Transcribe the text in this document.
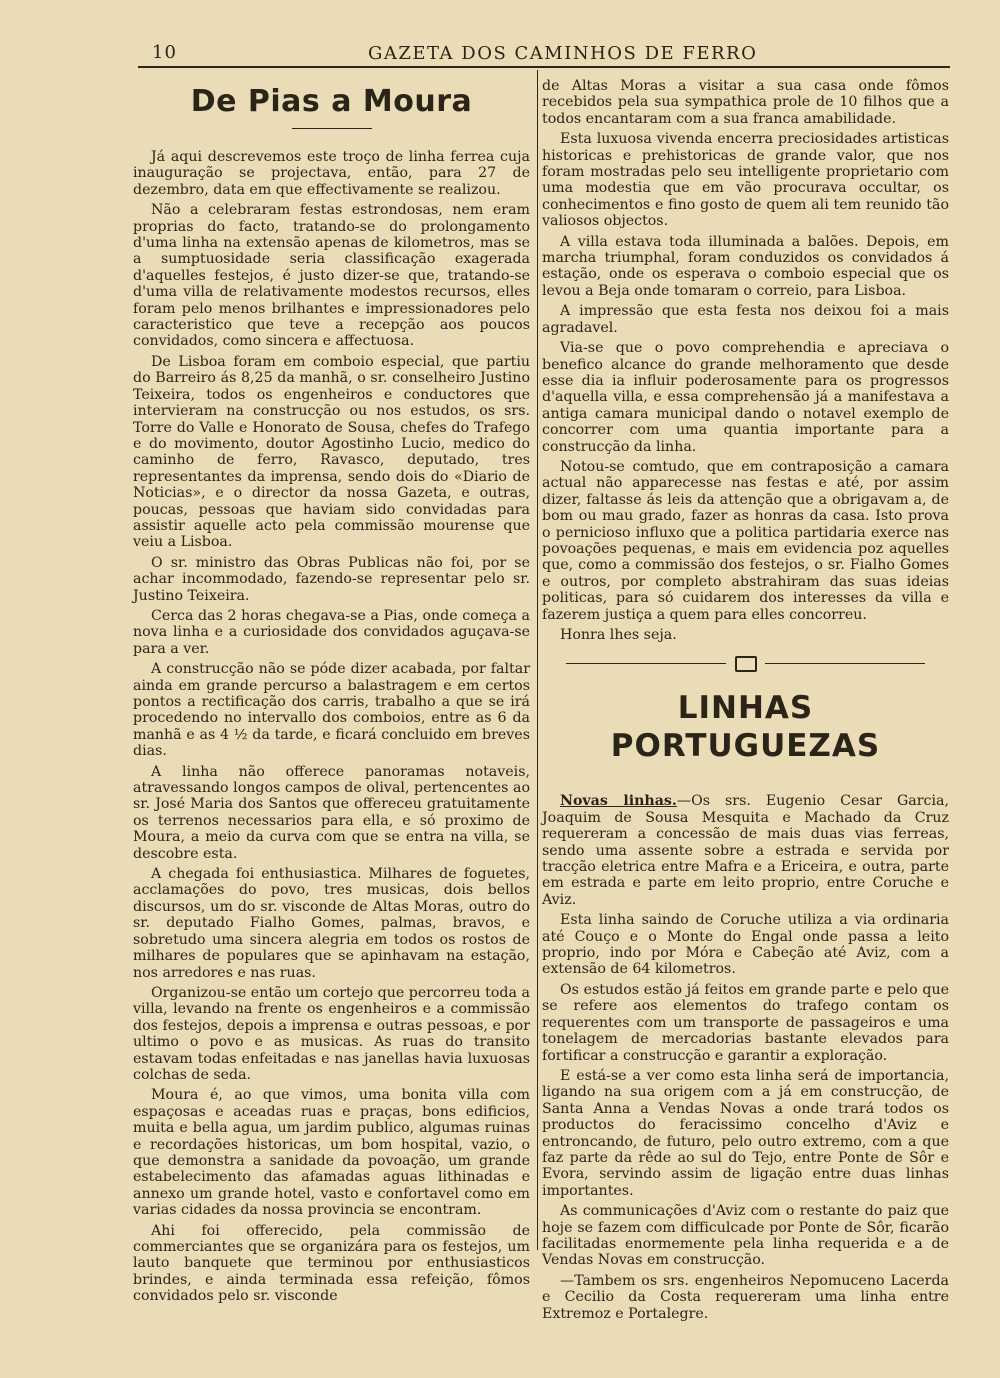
10	GAZETA DOS CAMINHOS DE FERRO
De Pias a Moura

Já aqui descrevemos este troço de linha ferrea cuja inauguração se projectava, então, para 27 de dezembro, data em que effectivamente se realizou.

Não a celebraram festas estrondosas, nem eram proprias do facto, tratando-se do prolongamento d'uma linha na extensão apenas de kilometros, mas se a sumptuosidade seria classificação exagerada d'aquelles festejos, é justo dizer-se que, tratando-se d'uma villa de relativamente modestos recursos, elles foram pelo menos brilhantes e impressionadores pelo caracteristico que teve a recepção aos poucos convidados, como sincera e affectuosa.

De Lisboa foram em comboio especial, que partiu do Barreiro ás 8,25 da manhã, o sr. conselheiro Justino Teixeira, todos os engenheiros e conductores que intervieram na construcção ou nos estudos, os srs. Torre do Valle e Honorato de Sousa, chefes do Trafego e do movimento, doutor Agostinho Lucio, medico do caminho de ferro, Ravasco, deputado, tres representantes da imprensa, sendo dois do «Diario de Noticias», e o director da nossa Gazeta, e outras, poucas, pessoas que haviam sido convidadas para assistir aquelle acto pela commissão mourense que veiu a Lisboa.

O sr. ministro das Obras Publicas não foi, por se achar incommodado, fazendo-se representar pelo sr. Justino Teixeira.

Cerca das 2 horas chegava-se a Pias, onde começa a nova linha e a curiosidade dos convidados aguçava-se para a ver.

A construcção não se póde dizer acabada, por faltar ainda em grande percurso a balastragem e em certos pontos a rectificação dos carris, trabalho a que se irá procedendo no intervallo dos comboios, entre as 6 da manhã e as 4 ½ da tarde, e ficará concluido em breves dias.

A linha não offerece panoramas notaveis, atravessando longos campos de olival, pertencentes ao sr. José Maria dos Santos que offereceu gratuitamente os terrenos necessarios para ella, e só proximo de Moura, a meio da curva com que se entra na villa, se descobre esta.

A chegada foi enthusiastica. Milhares de foguetes, acclamações do povo, tres musicas, dois bellos discursos, um do sr. visconde de Altas Moras, outro do sr. deputado Fialho Gomes, palmas, bravos, e sobretudo uma sincera alegria em todos os rostos de milhares de populares que se apinhavam na estação, nos arredores e nas ruas.

Organizou-se então um cortejo que percorreu toda a villa, levando na frente os engenheiros e a commissão dos festejos, depois a imprensa e outras pessoas, e por ultimo o povo e as musicas. As ruas do transito estavam todas enfeitadas e nas janellas havia luxuosas colchas de seda.

Moura é, ao que vimos, uma bonita villa com espaçosas e aceadas ruas e praças, bons edificios, muita e bella agua, um jardim publico, algumas ruinas e recordações historicas, um bom hospital, vazio, o que demonstra a sanidade da povoação, um grande estabelecimento das afamadas aguas lithinadas e annexo um grande hotel, vasto e confortavel como em varias cidades da nossa provincia se encontram.

Ahi foi offerecido, pela commissão de commerciantes que se organizára para os festejos, um lauto banquete que terminou por enthusiasticos brindes, e ainda terminada essa refeição, fômos convidados pelo sr. visconde

de Altas Moras a visitar a sua casa onde fômos recebidos pela sua sympathica prole de 10 filhos que a todos encantaram com a sua franca amabilidade.

Esta luxuosa vivenda encerra preciosidades artisticas historicas e prehistoricas de grande valor, que nos foram mostradas pelo seu intelligente proprietario com uma modestia que em vão procurava occultar, os conhecimentos e fino gosto de quem ali tem reunido tão valiosos objectos.

A villa estava toda illuminada a balões. Depois, em marcha triumphal, foram conduzidos os convidados á estação, onde os esperava o comboio especial que os levou a Beja onde tomaram o correio, para Lisboa.

A impressão que esta festa nos deixou foi a mais agradavel.

Via-se que o povo comprehendia e apreciava o benefico alcance do grande melhoramento que desde esse dia ia influir poderosamente para os progressos d'aquella villa, e essa comprehensão já a manifestava a antiga camara municipal dando o notavel exemplo de concorrer com uma quantia importante para a construcção da linha.

Notou-se comtudo, que em contraposição a camara actual não apparecesse nas festas e até, por assim dizer, faltasse ás leis da attenção que a obrigavam a, de bom ou mau grado, fazer as honras da casa. Isto prova o pernicioso influxo que a politica partidaria exerce nas povoações pequenas, e mais em evidencia poz aquelles que, como a commissão dos festejos, o sr. Fialho Gomes e outros, por completo abstrahiram das suas ideias politicas, para só cuidarem dos interesses da villa e fazerem justiça a quem para elles concorreu.

Honra lhes seja.

LINHAS PORTUGUEZAS

Novas linhas.—Os srs. Eugenio Cesar Garcia, Joaquim de Sousa Mesquita e Machado da Cruz requereram a concessão de mais duas vias ferreas, sendo uma assente sobre a estrada e servida por tracção eletrica entre Mafra e a Ericeira, e outra, parte em estrada e parte em leito proprio, entre Coruche e Aviz.

Esta linha saindo de Coruche utiliza a via ordinaria até Couço e o Monte do Engal onde passa a leito proprio, indo por Móra e Cabeção até Aviz, com a extensão de 64 kilometros.

Os estudos estão já feitos em grande parte e pelo que se refere aos elementos do trafego contam os requerentes com um transporte de passageiros e uma tonelagem de mercadorias bastante elevados para fortificar a construcção e garantir a exploração.

E está-se a ver como esta linha será de importancia, ligando na sua origem com a já em construcção, de Santa Anna a Vendas Novas a onde trará todos os productos do feracissimo concelho d'Aviz e entroncando, de futuro, pelo outro extremo, com a que faz parte da rêde ao sul do Tejo, entre Ponte de Sôr e Evora, servindo assim de ligação entre duas linhas importantes.

As communicações d'Aviz com o restante do paiz que hoje se fazem com difficulcade por Ponte de Sôr, ficarão facilitadas enormemente pela linha requerida e a de Vendas Novas em construcção.

—Tambem os srs. engenheiros Nepomuceno Lacerda e Cecilio da Costa requereram uma linha entre Extremoz e Portalegre.
